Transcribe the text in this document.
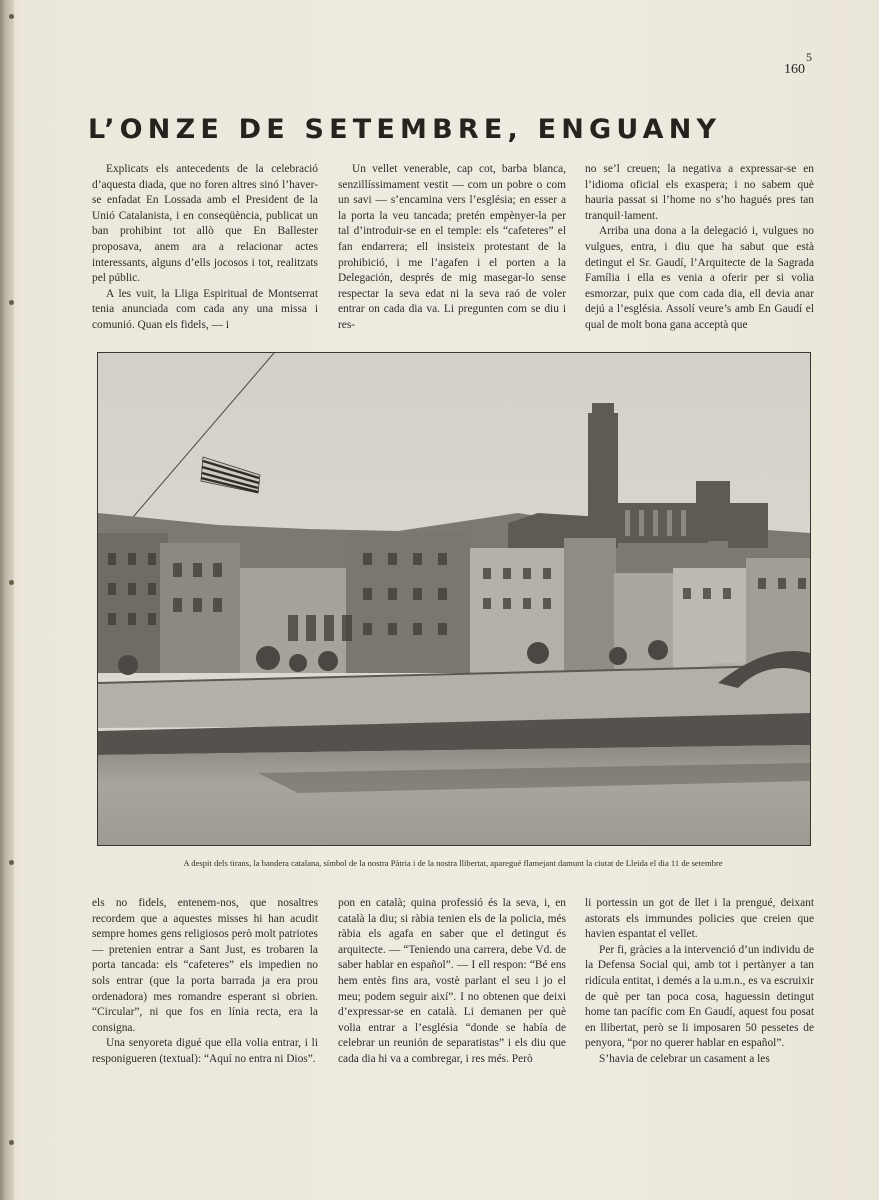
5
160
L’ONZE DE SETEMBRE, ENGUANY

Explicats els antecedents de la celebració d’aquesta diada, que no foren altres sinó l’haver-se enfadat En Lossada amb el President de la Unió Catalanista, i en conseqüència, publicat un ban prohibint tot allò que En Ballester proposava, anem ara a relacionar actes interessants, alguns d’ells jocosos i tot, realitzats pel públic.

A les vuit, la Lliga Espiritual de Montserrat tenia anunciada com cada any una missa i comunió. Quan els fidels, — i

Un vellet venerable, cap cot, barba blanca, senzillíssimament vestit — com un pobre o com un savi — s’encamina vers l’església; en esser a la porta la veu tancada; pretén empènyer-la per tal d’introduir-se en el temple: els “cafeteres” el fan endarrera; ell insisteix protestant de la prohibició, i me l’agafen i el porten a la Delegación, després de mig masegar-lo sense respectar la seva edat ni la seva raó de voler entrar on cada dia va. Li pregunten com se diu i res-

no se’l creuen; la negativa a expressar-se en l’idioma oficial els exaspera; i no sabem què hauria passat si l’home no s’ho hagués pres tan tranquil·lament.

Arriba una dona a la delegació i, vulgues no vulgues, entra, i diu que ha sabut que està detingut el Sr. Gaudí, l’Arquitecte de la Sagrada Família i ella es venia a oferir per si volia esmorzar, puix que com cada dia, ell devia anar dejú a l’església. Assolí veure’s amb En Gaudí el qual de molt bona gana acceptà que

A despit dels tirans, la bandera catalana, símbol de la nostra Pàtria i de la nostra llibertat, aparegué flamejant damunt la ciutat de Lleida el dia 11 de setembre

els no fidels, entenem-nos, que nosaltres recordem que a aquestes misses hi han acudit sempre homes gens religiosos però molt patriotes — pretenien entrar a Sant Just, es trobaren la porta tancada: els “cafeteres” els impedien no sols entrar (que la porta barrada ja era prou ordenadora) mes romandre esperant si obrien. “Circular”, ni que fos en línia recta, era la consigna.

Una senyoreta digué que ella volia entrar, i li responigueren (textual): “Aquí no entra ni Dios”.

pon en català; quina professió és la seva, i, en català la diu; si ràbia tenien els de la policia, més ràbia els agafa en saber que el detingut és arquitecte. — “Teniendo una carrera, debe Vd. de saber hablar en español”. — I ell respon: “Bé ens hem entès fins ara, vostè parlant el seu i jo el meu; podem seguir així”. I no obtenen que deixi d’expressar-se en català. Li demanen per què volia entrar a l’església “donde se había de celebrar un reunión de separatistas” i els diu que cada dia hi va a combregar, i res més. Però

li portessin un got de llet i la prengué, deixant astorats els immundes policies que creien que havien espantat el vellet.

Per fi, gràcies a la intervenció d’un individu de la Defensa Social qui, amb tot i pertànyer a tan ridícula entitat, i demés a la u.m.n., es va escruixir de què per tan poca cosa, haguessin detingut home tan pacífic com En Gaudí, aquest fou posat en llibertat, però se li imposaren 50 pessetes de penyora, “por no querer hablar en español”.

S’havia de celebrar un casament a les
